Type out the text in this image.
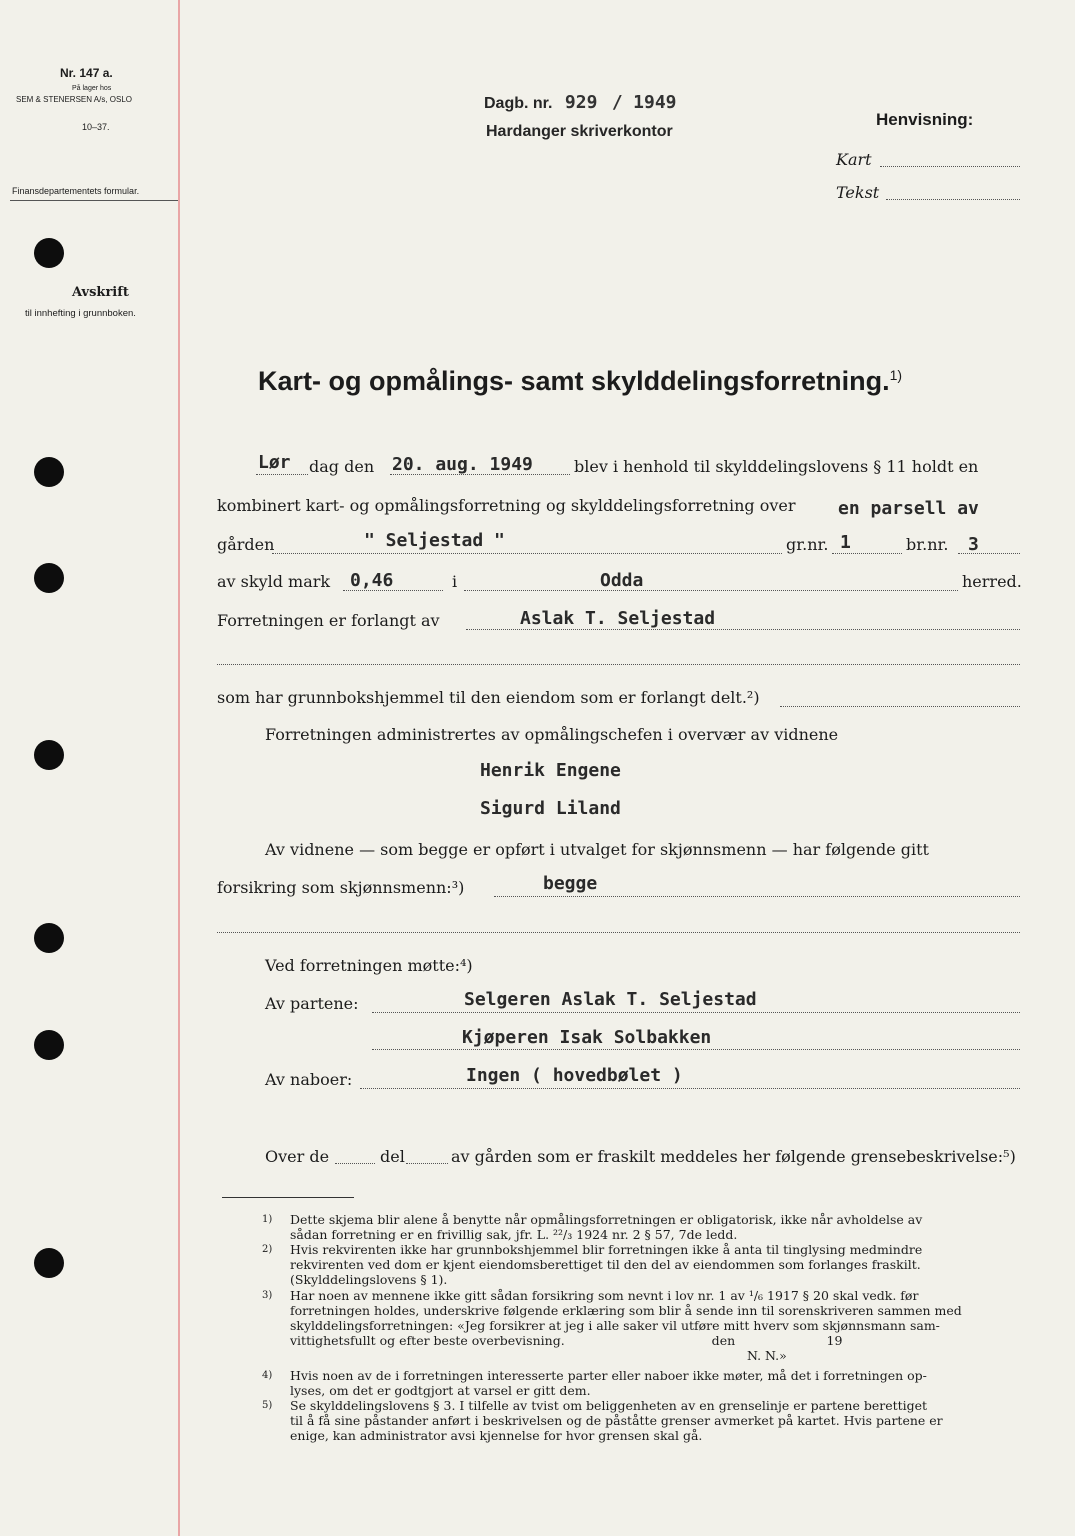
Nr. 147 a.
På lager hos
SEM & STENERSEN A/s, OSLO
10–37.
Finansdepartementets formular.
Avskrift
til innhefting i grunnboken.
Dagb. nr. 929 / 1949
Hardanger skriverkontor
Henvisning:
Kart
Tekst
Kart- og opmålings- samt skylddelingsforretning.$^{1)}$
Lør dag den 20. aug. 1949	blev i henhold til skylddelingslovens § 11 holdt en
kombinert kart- og opmålingsforretning og skylddelingsforretning over en parsell av
gården	" Seljestad "	gr.nr. 1	br.nr. 3
av skyld mark 0,46	i	Odda	herred.
Forretningen er forlangt av	Aslak T. Seljestad
som har grunnbokshjemmel til den eiendom som er forlangt delt.²)
Forretningen administrertes av opmålingschefen i overvær av vidnene
Henrik Engene
Sigurd Liland
Av vidnene — som begge er opført i utvalget for skjønnsmenn — har følgende gitt
forsikring som skjønnsmenn:³)	begge
Ved forretningen møtte:⁴)
Av partene:	Selgeren Aslak T. Seljestad
Kjøperen Isak Solbakken
Av naboer:	Ingen ( hovedbølet )
Over de	del	av gården som er fraskilt meddeles her følgende grensebeskrivelse:⁵)
1) Dette skjema blir alene å benytte når opmålingsforretningen er obligatorisk, ikke når avholdelse av
sådan forretning er en frivillig sak, jfr. L. ²²/₃ 1924 nr. 2 § 57, 7de ledd.
2) Hvis rekvirenten ikke har grunnbokshjemmel blir forretningen ikke å anta til tinglysing medmindre
rekvirenten ved dom er kjent eiendomsberettiget til den del av eiendommen som forlanges fraskilt.
(Skylddelingslovens § 1).
3) Har noen av mennene ikke gitt sådan forsikring som nevnt i lov nr. 1 av ¹/₆ 1917 § 20 skal vedk. før
forretningen holdes, underskrive følgende erklæring som blir å sende inn til sorenskriveren sammen med
skylddelingsforretningen: «Jeg forsikrer at jeg i alle saker vil utføre mitt hverv som skjønnsmann sam-
vittighetsfullt og efter beste overbevisning.                                     den                       19
N. N.»
4) Hvis noen av de i forretningen interesserte parter eller naboer ikke møter, må det i forretningen op-
lyses, om det er godtgjort at varsel er gitt dem.
5) Se skylddelingslovens § 3. I tilfelle av tvist om beliggenheten av en grenselinje er partene berettiget
til å få sine påstander anført i beskrivelsen og de påståtte grenser avmerket på kartet. Hvis partene er
enige, kan administrator avsi kjennelse for hvor grensen skal gå.
